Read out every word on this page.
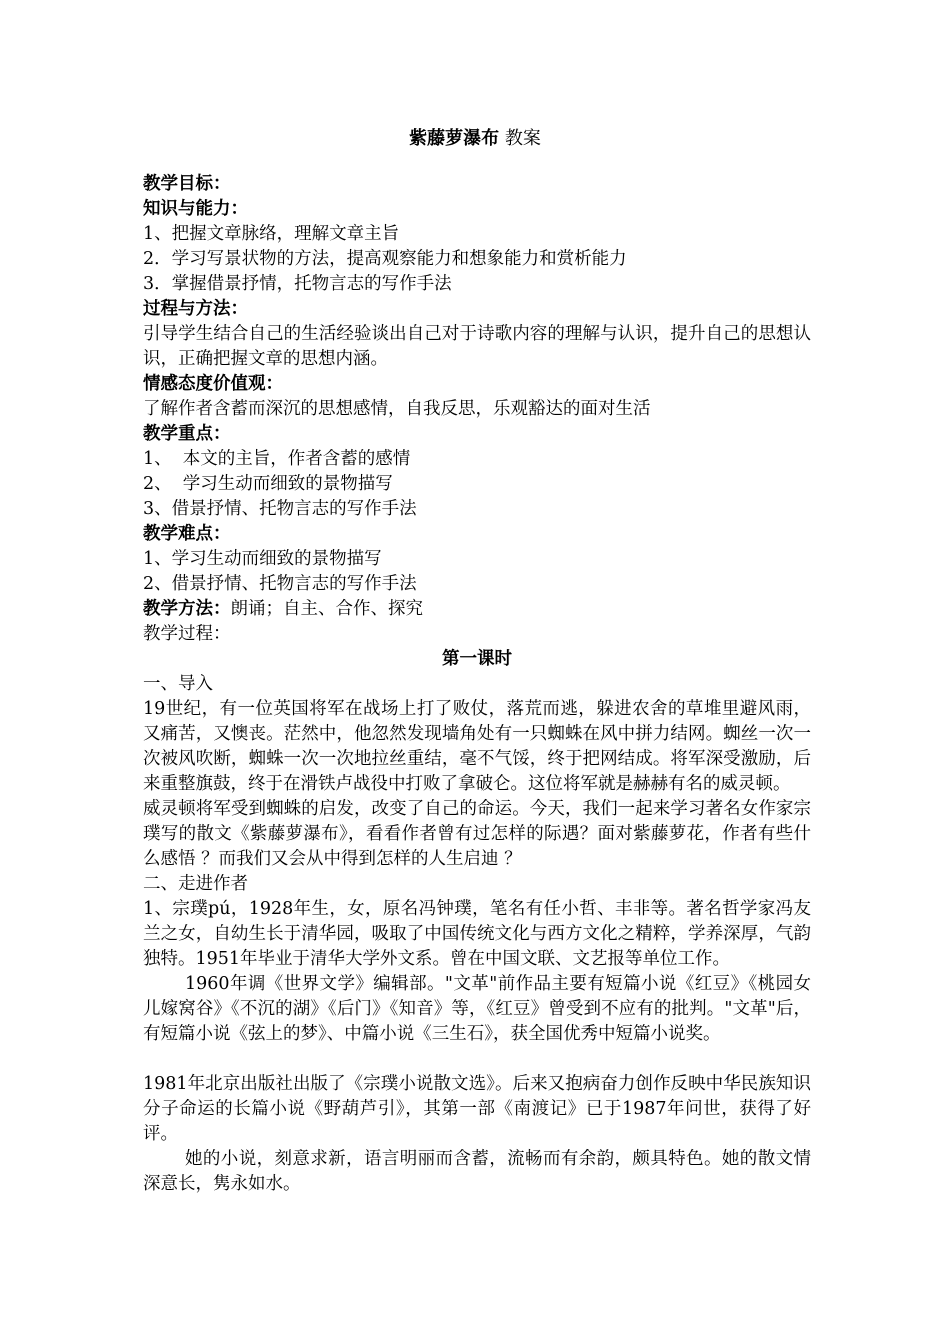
紫藤萝瀑布 教案

教学目标：

知识与能力：

1、把握文章脉络，理解文章主旨

2．学习写景状物的方法，提高观察能力和想象能力和赏析能力

3．掌握借景抒情，托物言志的写作手法

过程与方法：

引导学生结合自己的生活经验谈出自己对于诗歌内容的理解与认识，提升自己的思想认识，正确把握文章的思想内涵。

情感态度价值观：

了解作者含蓄而深沉的思想感情，自我反思，乐观豁达的面对生活

教学重点：

1、  本文的主旨，作者含蓄的感情

2、  学习生动而细致的景物描写

3、借景抒情、托物言志的写作手法

教学难点：

1、学习生动而细致的景物描写

2、借景抒情、托物言志的写作手法

教学方法：朗诵；自主、合作、探究

教学过程：

第一课时

一、导入

19世纪，有一位英国将军在战场上打了败仗，落荒而逃，躲进农舍的草堆里避风雨，又痛苦，又懊丧。茫然中，他忽然发现墙角处有一只蜘蛛在风中拼力结网。蜘丝一次一次被风吹断，蜘蛛一次一次地拉丝重结，毫不气馁，终于把网结成。将军深受激励，后来重整旗鼓，终于在滑铁卢战役中打败了拿破仑。这位将军就是赫赫有名的威灵顿。

威灵顿将军受到蜘蛛的启发，改变了自己的命运。今天，我们一起来学习著名女作家宗璞写的散文《紫藤萝瀑布》，看看作者曾有过怎样的际遇？面对紫藤萝花，作者有些什么感悟 ？而我们又会从中得到怎样的人生启迪 ？

二、走进作者

1、宗璞pú，1928年生，女，原名冯钟璞，笔名有任小哲、丰非等。著名哲学家冯友兰之女，自幼生长于清华园，吸取了中国传统文化与西方文化之精粹，学养深厚，气韵独特。1951年毕业于清华大学外文系。曾在中国文联、文艺报等单位工作。

1960年调《世界文学》编辑部。"文革"前作品主要有短篇小说《红豆》《桃园女儿嫁窝谷》《不沉的湖》《后门》《知音》等，《红豆》曾受到不应有的批判。"文革"后，有短篇小说《弦上的梦》、中篇小说《三生石》，获全国优秀中短篇小说奖。

1981年北京出版社出版了《宗璞小说散文选》。后来又抱病奋力创作反映中华民族知识分子命运的长篇小说《野葫芦引》，其第一部《南渡记》已于1987年问世，获得了好评。

她的小说，刻意求新，语言明丽而含蓄，流畅而有余韵，颇具特色。她的散文情深意长，隽永如水。
